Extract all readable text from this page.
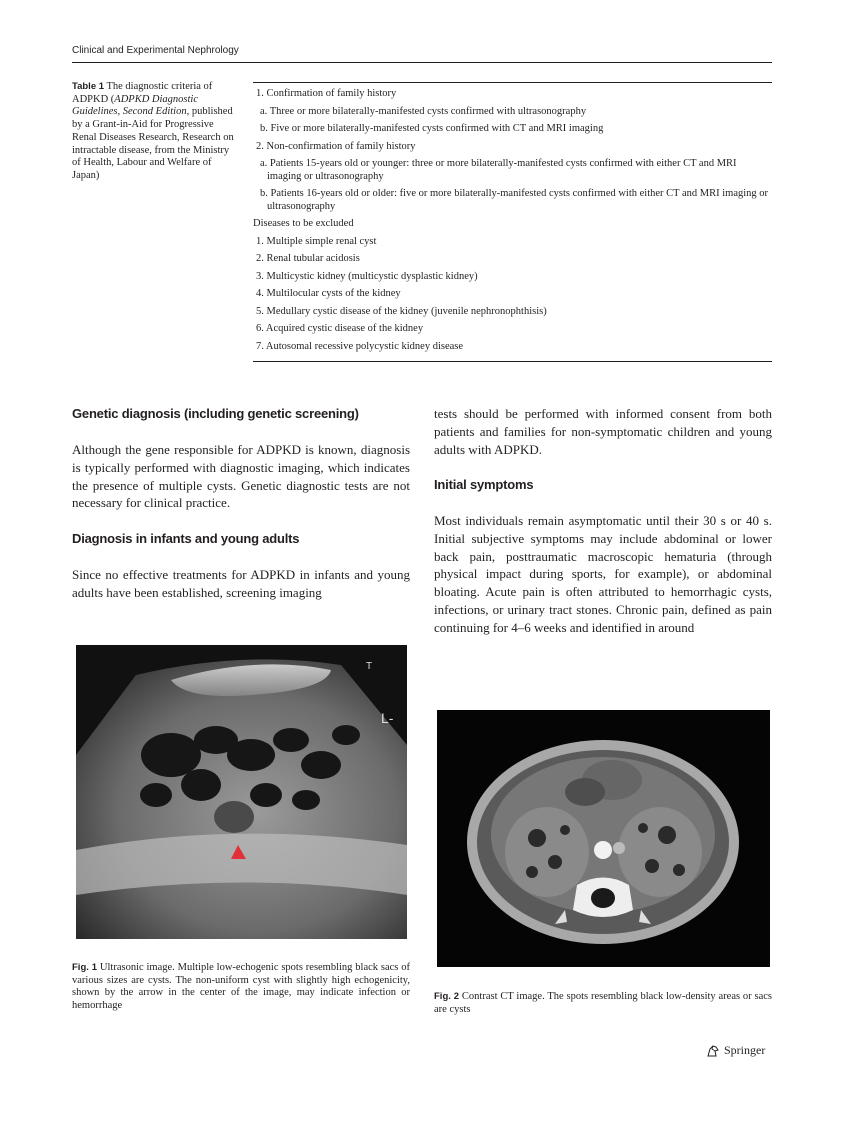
Clinical and Experimental Nephrology
Table 1 The diagnostic criteria of ADPKD (ADPKD Diagnostic Guidelines, Second Edition, published by a Grant-in-Aid for Progressive Renal Diseases Research, Research on intractable disease, from the Ministry of Health, Labour and Welfare of Japan)
1. Confirmation of family history
a. Three or more bilaterally-manifested cysts confirmed with ultrasonography
b. Five or more bilaterally-manifested cysts confirmed with CT and MRI imaging
2. Non-confirmation of family history
a. Patients 15-years old or younger: three or more bilaterally-manifested cysts confirmed with either CT and MRI imaging or ultrasonography
b. Patients 16-years old or older: five or more bilaterally-manifested cysts confirmed with either CT and MRI imaging or ultrasonography
Diseases to be excluded
1. Multiple simple renal cyst
2. Renal tubular acidosis
3. Multicystic kidney (multicystic dysplastic kidney)
4. Multilocular cysts of the kidney
5. Medullary cystic disease of the kidney (juvenile nephronophthisis)
6. Acquired cystic disease of the kidney
7. Autosomal recessive polycystic kidney disease
Genetic diagnosis (including genetic screening)
Although the gene responsible for ADPKD is known, diagnosis is typically performed with diagnostic imaging, which indicates the presence of multiple cysts. Genetic diagnostic tests are not necessary for clinical practice.
Diagnosis in infants and young adults
Since no effective treatments for ADPKD in infants and young adults have been established, screening imaging
tests should be performed with informed consent from both patients and families for non-symptomatic children and young adults with ADPKD.
Initial symptoms
Most individuals remain asymptomatic until their 30 s or 40 s. Initial subjective symptoms may include abdominal or lower back pain, posttraumatic macroscopic hematuria (through physical impact during sports, for example), or abdominal bloating. Acute pain is often attributed to hemorrhagic cysts, infections, or urinary tract stones. Chronic pain, defined as pain continuing for 4–6 weeks and identified in around
T
L-
Fig. 1 Ultrasonic image. Multiple low-echogenic spots resembling black sacs of various sizes are cysts. The non-uniform cyst with slightly high echogenicity, shown by the arrow in the center of the image, may indicate infection or hemorrhage
Fig. 2 Contrast CT image. The spots resembling black low-density areas or sacs are cysts
Springer
